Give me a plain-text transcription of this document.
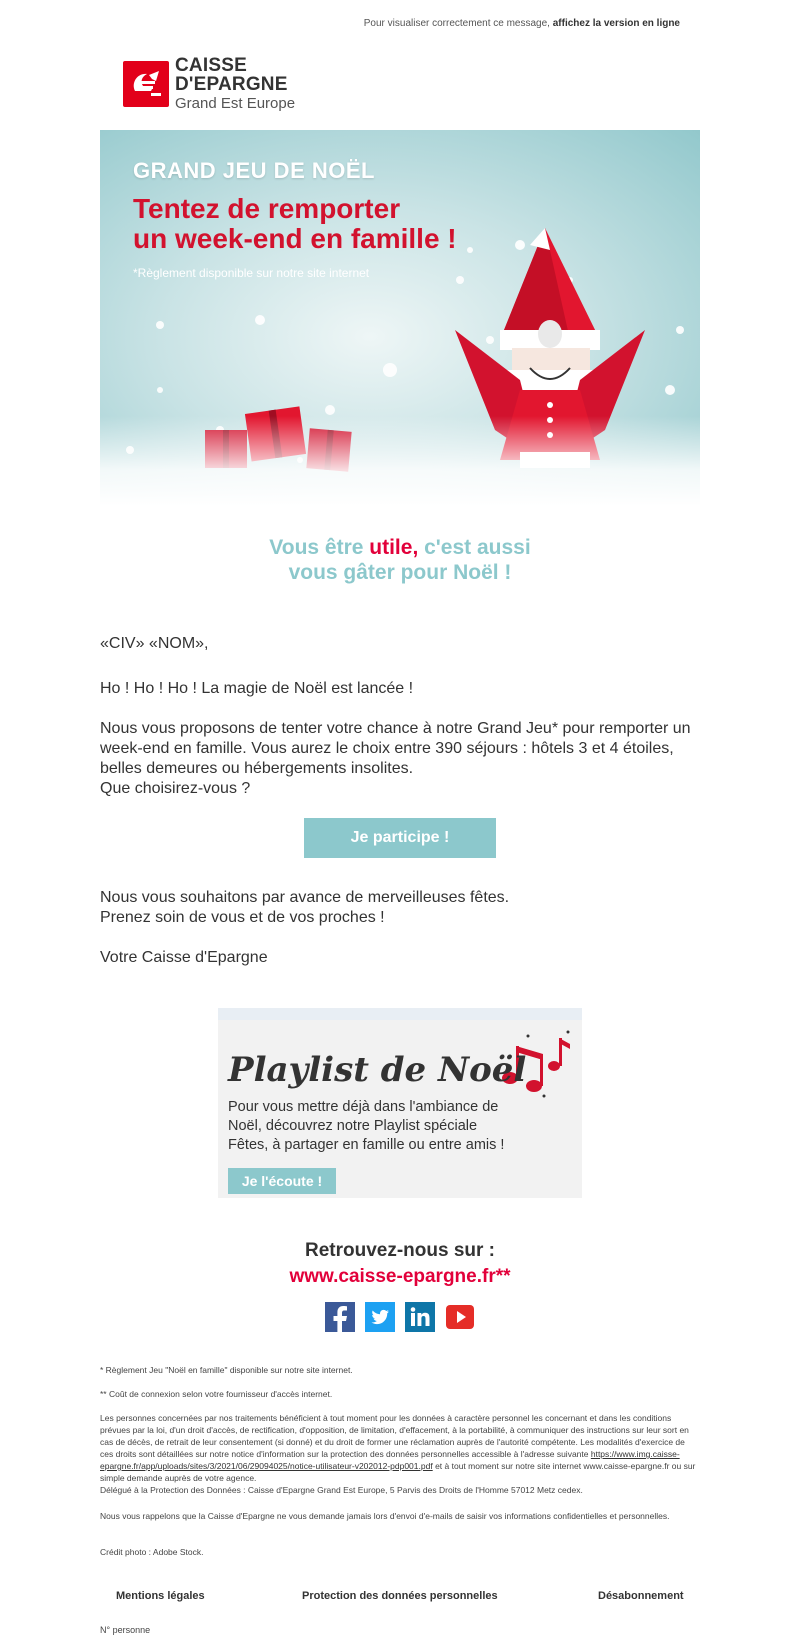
Pour visualiser correctement ce message, affichez la version en ligne
CAISSE
D'EPARGNE
Grand Est Europe
GRAND JEU DE NOËL
Tentez de remporter
un week-end en famille !
*Règlement disponible sur notre site internet
Vous être utile, c'est aussi
vous gâter pour Noël !
«CIV» «NOM»,
Ho ! Ho ! Ho ! La magie de Noël est lancée !
Nous vous proposons de tenter votre chance à notre Grand Jeu* pour remporter un week-end en famille. Vous aurez le choix entre 390 séjours : hôtels 3 et 4 étoiles, belles demeures ou hébergements insolites.
Que choisirez-vous ?
Je participe !
Nous vous souhaitons par avance de merveilleuses fêtes.
Prenez soin de vous et de vos proches !
Votre Caisse d'Epargne
Playlist de Noël
Pour vous mettre déjà dans l'ambiance de Noël, découvrez notre Playlist spéciale Fêtes, à partager en famille ou entre amis !
Je l'écoute !
Retrouvez-nous sur :
www.caisse-epargne.fr**
* Règlement Jeu "Noël en famille" disponible sur notre site internet.
** Coût de connexion selon votre fournisseur d'accès internet.
Les personnes concernées par nos traitements bénéficient à tout moment pour les données à caractère personnel les concernant et dans les conditions prévues par la loi, d'un droit d'accès, de rectification, d'opposition, de limitation, d'effacement, à la portabilité, à communiquer des instructions sur leur sort en cas de décès, de retrait de leur consentement (si donné) et du droit de former une réclamation auprès de l'autorité compétente. Les modalités d'exercice de ces droits sont détaillées sur notre notice d'information sur la protection des données personnelles accessible à l'adresse suivante https://www.img.caisse-epargne.fr/app/uploads/sites/3/2021/06/29094025/notice-utilisateur-v202012-pdp001.pdf et à tout moment sur notre site internet www.caisse-epargne.fr ou sur simple demande auprès de votre agence.
Délégué à la Protection des Données : Caisse d'Epargne Grand Est Europe, 5 Parvis des Droits de l'Homme 57012 Metz cedex.
Nous vous rappelons que la Caisse d'Epargne ne vous demande jamais lors d'envoi d'e-mails de saisir vos informations confidentielles et personnelles.
Crédit photo : Adobe Stock.
Mentions légales	Protection des données personnelles	Désabonnement
N° personne
